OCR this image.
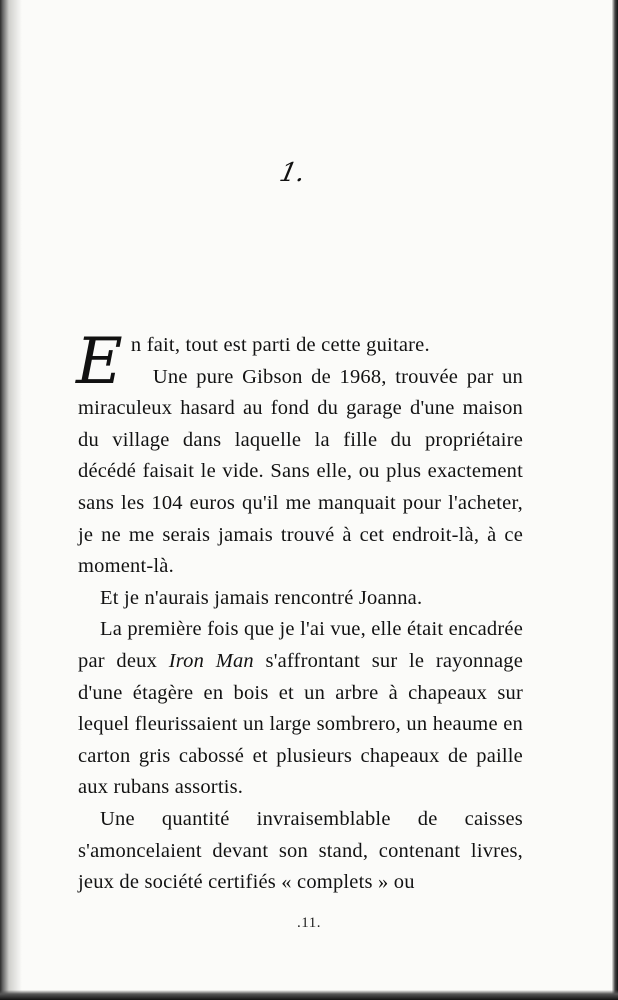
1.

En fait, tout est parti de cette guitare.

Une pure Gibson de 1968, trouvée par un miraculeux hasard au fond du garage d'une maison du village dans laquelle la fille du propriétaire décédé faisait le vide. Sans elle, ou plus exactement sans les 104 euros qu'il me manquait pour l'acheter, je ne me serais jamais trouvé à cet endroit-là, à ce moment-là.

Et je n'aurais jamais rencontré Joanna.

La première fois que je l'ai vue, elle était encadrée par deux Iron Man s'affrontant sur le rayonnage d'une étagère en bois et un arbre à chapeaux sur lequel fleurissaient un large sombrero, un heaume en carton gris cabossé et plusieurs chapeaux de paille aux rubans assortis.

Une quantité invraisemblable de caisses s'amoncelaient devant son stand, contenant livres, jeux de société certifiés « complets » ou

.11.
